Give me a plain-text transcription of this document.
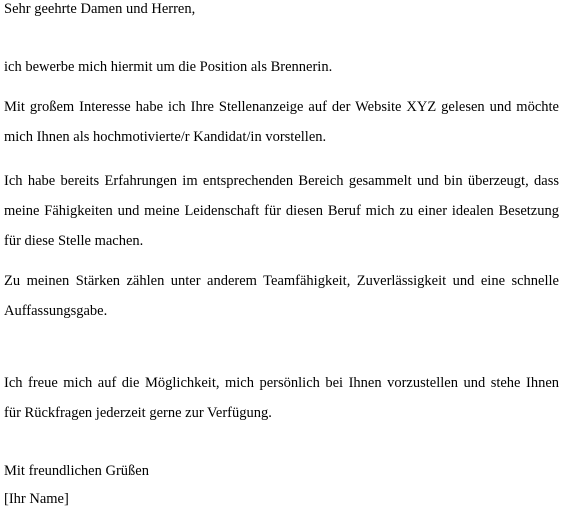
Sehr geehrte Damen und Herren,
ich bewerbe mich hiermit um die Position als Brennerin.
Mit großem Interesse habe ich Ihre Stellenanzeige auf der Website XYZ gelesen und möchte
mich Ihnen als hochmotivierte/r Kandidat/in vorstellen.
Ich habe bereits Erfahrungen im entsprechenden Bereich gesammelt und bin überzeugt, dass
meine Fähigkeiten und meine Leidenschaft für diesen Beruf mich zu einer idealen Besetzung
für diese Stelle machen.
Zu meinen Stärken zählen unter anderem Teamfähigkeit, Zuverlässigkeit und eine schnelle
Auffassungsgabe.
Ich freue mich auf die Möglichkeit, mich persönlich bei Ihnen vorzustellen und stehe Ihnen
für Rückfragen jederzeit gerne zur Verfügung.
Mit freundlichen Grüßen
[Ihr Name]
